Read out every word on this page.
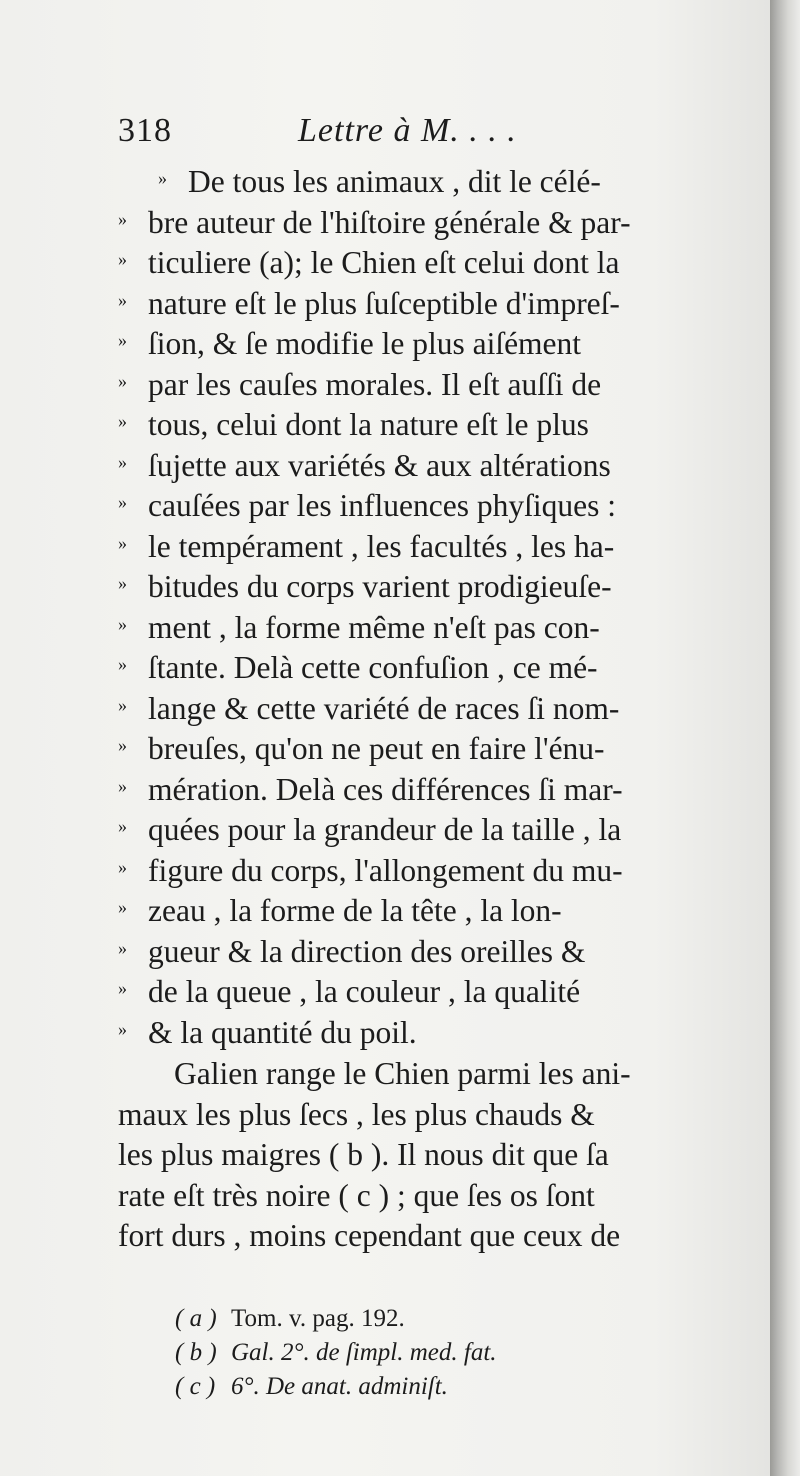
318	Lettre à M. . . .
» De tous les animaux , dit le célé-
» bre auteur de l'hiſtoire générale & par-
» ticuliere (a); le Chien eſt celui dont la
» nature eſt le plus ſuſceptible d'impreſ-
» ſion, & ſe modifie le plus aiſément
» par les cauſes morales. Il eſt auſſi de
» tous, celui dont la nature eſt le plus
» ſujette aux variétés & aux altérations
» cauſées par les influences phyſiques :
» le tempérament , les facultés , les ha-
» bitudes du corps varient prodigieuſe-
» ment , la forme même n'eſt pas con-
» ſtante. Delà cette confuſion , ce mé-
» lange & cette variété de races ſi nom-
» breuſes, qu'on ne peut en faire l'énu-
» mération. Delà ces différences ſi mar-
» quées pour la grandeur de la taille , la
» figure du corps, l'allongement du mu-
» zeau , la forme de la tête , la lon-
» gueur & la direction des oreilles &
» de la queue , la couleur , la qualité
» & la quantité du poil.
Galien range le Chien parmi les ani-
maux les plus ſecs , les plus chauds &
les plus maigres ( b ). Il nous dit que ſa
rate eſt très noire ( c ) ; que ſes os ſont
fort durs , moins cependant que ceux de
( a ) Tom. v. pag. 192.
( b ) Gal. 2°. de ſimpl. med. fat.
( c ) 6°. De anat. adminiſt.
